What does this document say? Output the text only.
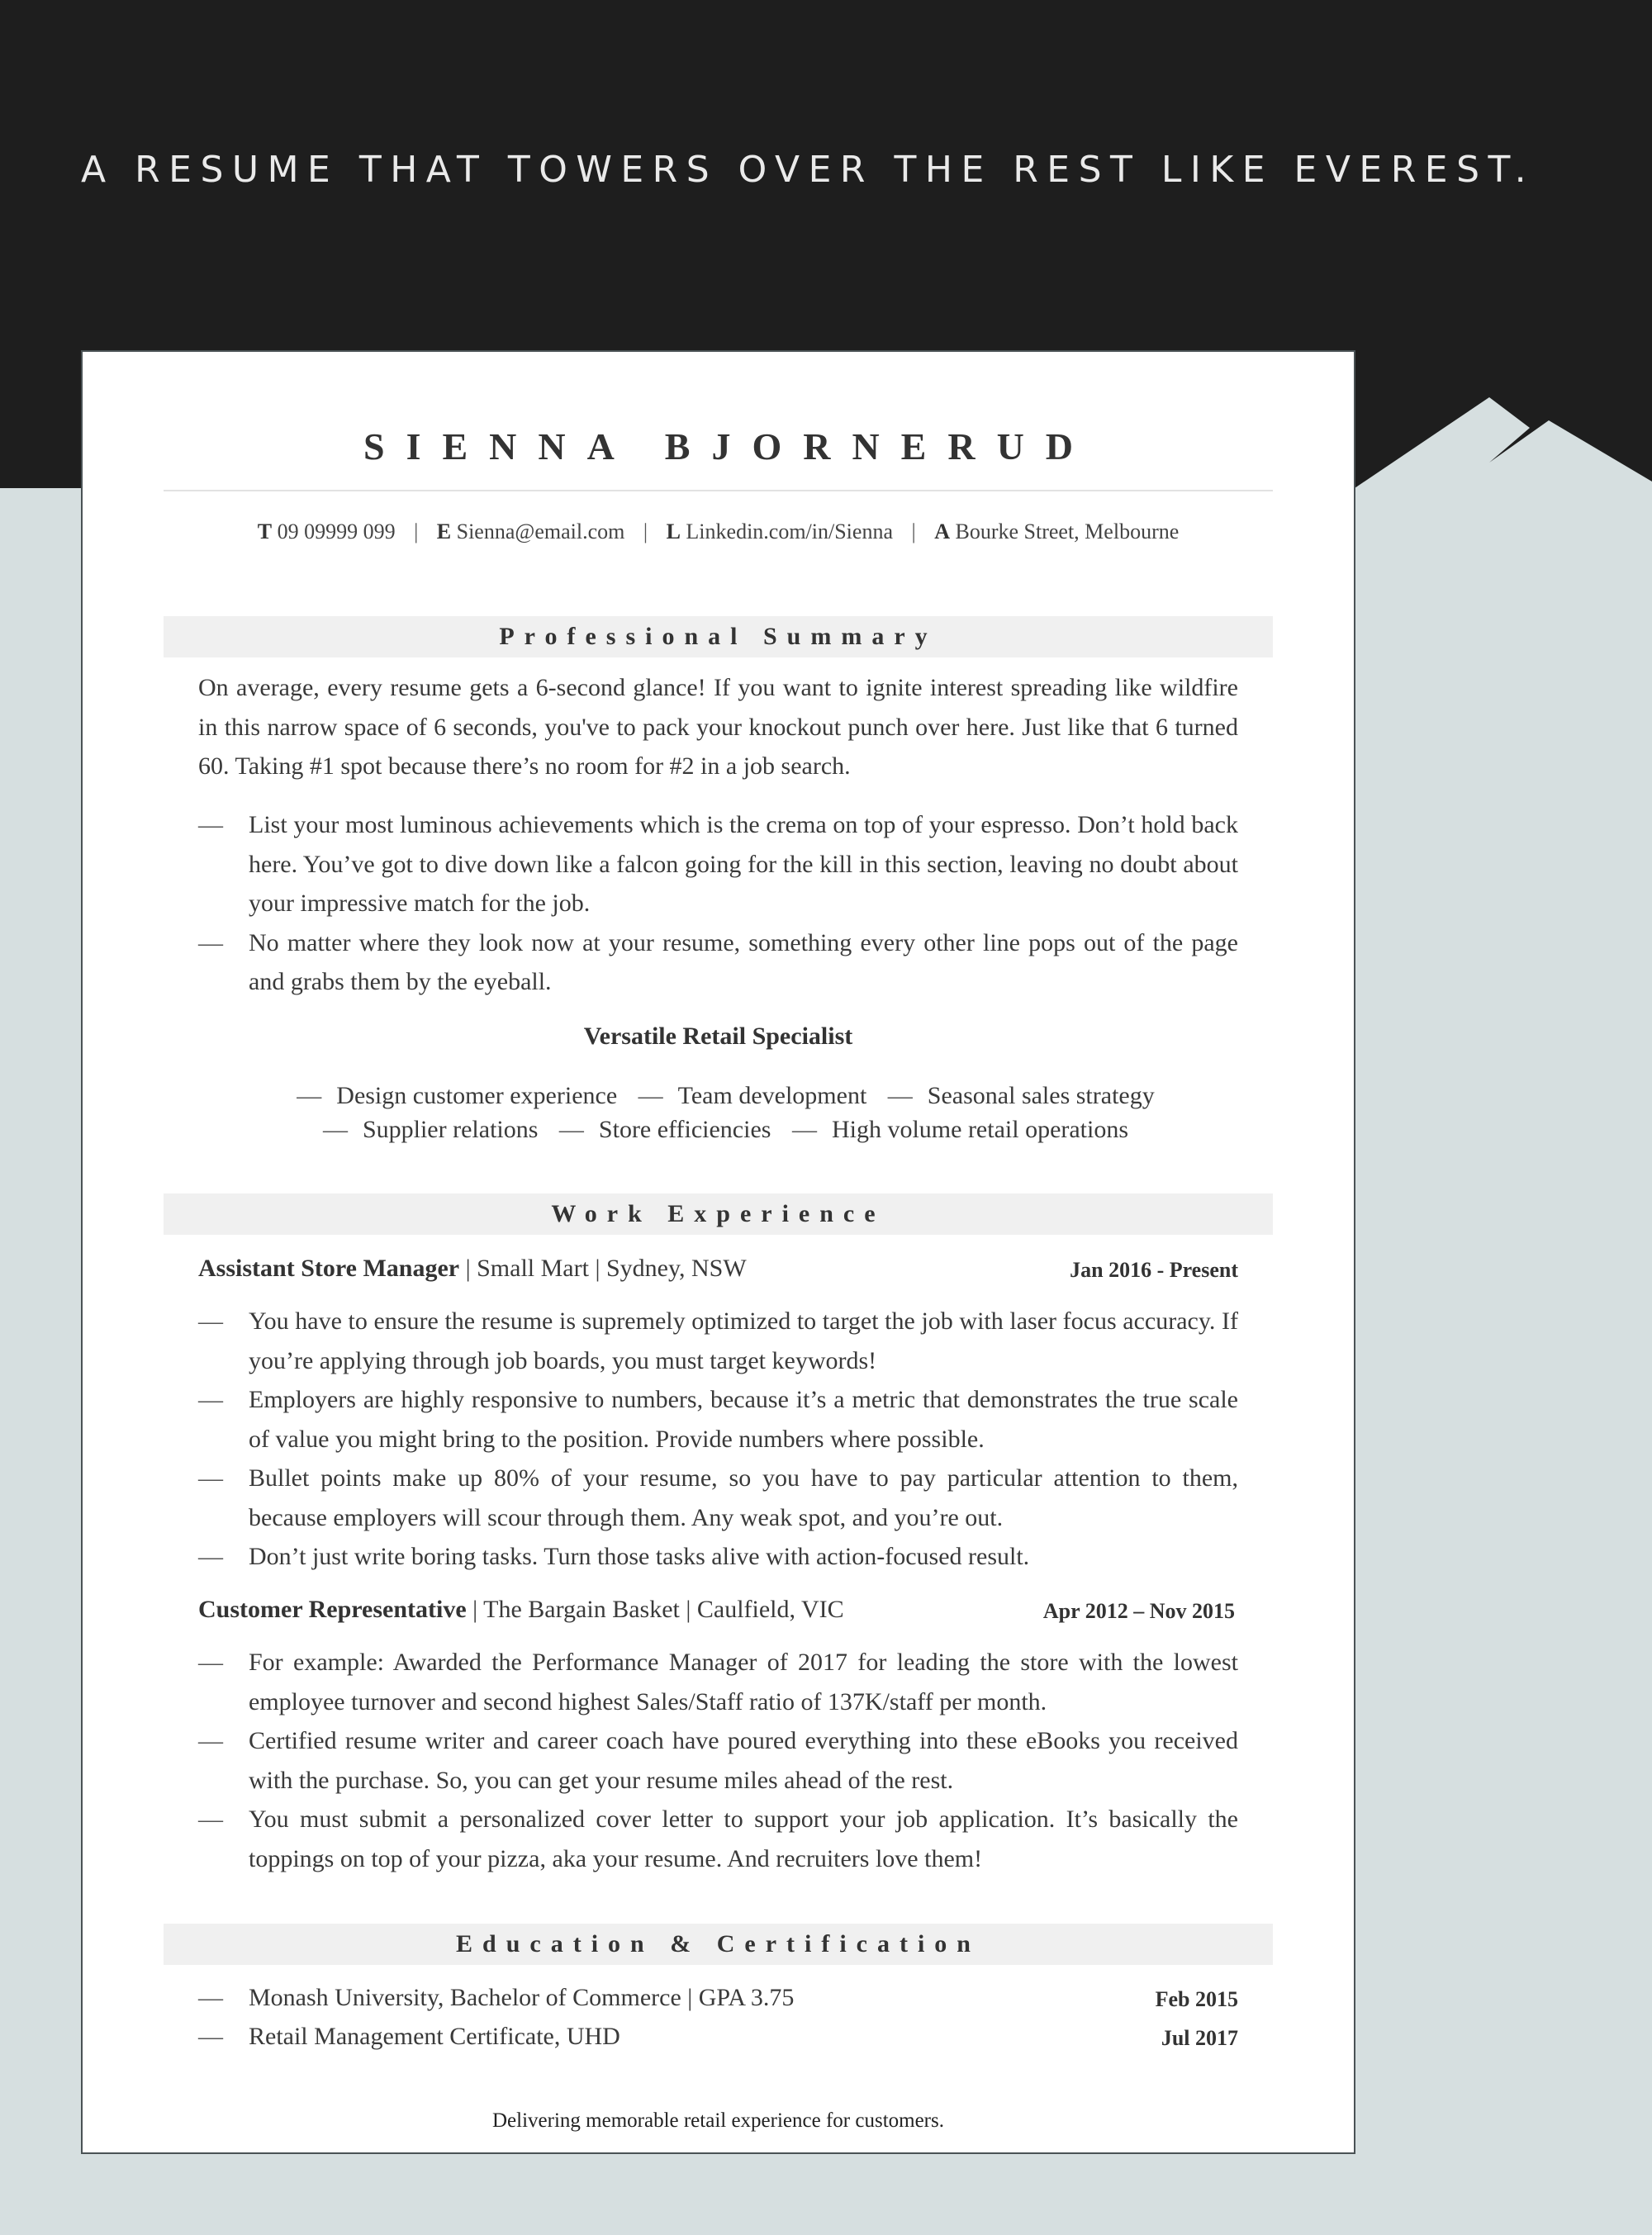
A RESUME THAT TOWERS OVER THE REST LIKE EVEREST.
SIENNA BJORNERUD
T 09 09999 099 | E Sienna@email.com | L Linkedin.com/in/Sienna | A Bourke Street, Melbourne
Professional Summary
On average, every resume gets a 6-second glance! If you want to ignite interest spreading like wildfire in this narrow space of 6 seconds, you've to pack your knockout punch over here. Just like that 6 turned 60. Taking #1 spot because there’s no room for #2 in a job search.
— List your most luminous achievements which is the crema on top of your espresso. Don’t hold back here. You’ve got to dive down like a falcon going for the kill in this section, leaving no doubt about your impressive match for the job.
— No matter where they look now at your resume, something every other line pops out of the page and grabs them by the eyeball.
Versatile Retail Specialist
— Design customer experience — Team development — Seasonal sales strategy
— Supplier relations — Store efficiencies — High volume retail operations
Work Experience
Assistant Store Manager | Small Mart | Sydney, NSW	Jan 2016 - Present
— You have to ensure the resume is supremely optimized to target the job with laser focus accuracy. If you’re applying through job boards, you must target keywords!
— Employers are highly responsive to numbers, because it’s a metric that demonstrates the true scale of value you might bring to the position. Provide numbers where possible.
— Bullet points make up 80% of your resume, so you have to pay particular attention to them, because employers will scour through them. Any weak spot, and you’re out.
— Don’t just write boring tasks. Turn those tasks alive with action-focused result.
Customer Representative | The Bargain Basket | Caulfield, VIC	Apr 2012 – Nov 2015
— For example: Awarded the Performance Manager of 2017 for leading the store with the lowest employee turnover and second highest Sales/Staff ratio of 137K/staff per month.
— Certified resume writer and career coach have poured everything into these eBooks you received with the purchase. So, you can get your resume miles ahead of the rest.
— You must submit a personalized cover letter to support your job application. It’s basically the toppings on top of your pizza, aka your resume. And recruiters love them!
Education & Certification
— Monash University, Bachelor of Commerce | GPA 3.75	Feb 2015
— Retail Management Certificate, UHD	Jul 2017
Delivering memorable retail experience for customers.
